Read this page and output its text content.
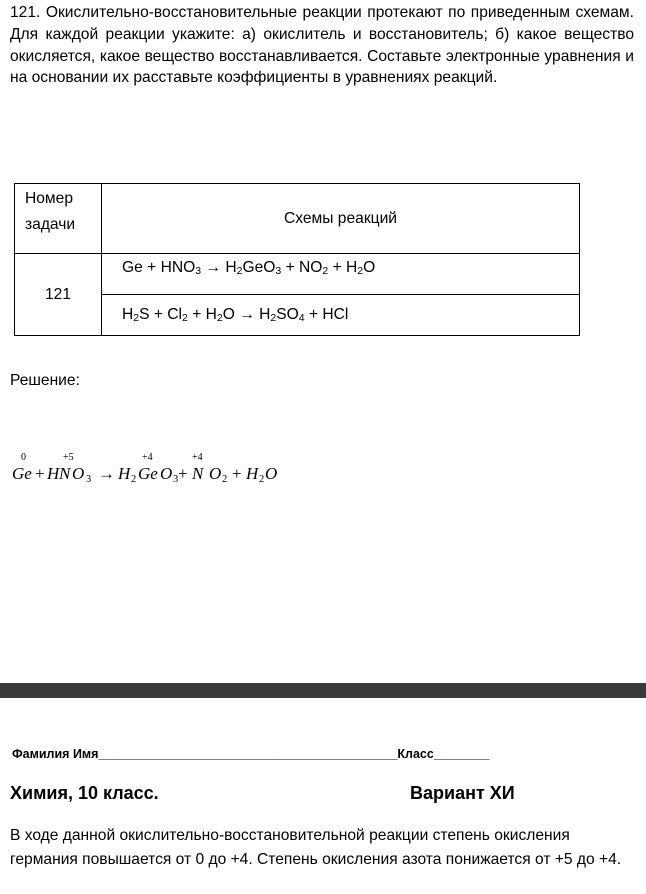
121. Окислительно-восстановительные реакции протекают по приведенным схемам. Для каждой реакции укажите: а) окислитель и восстановитель; б) какое вещество окисляется, какое вещество восстанавливается. Составьте электронные уравнения и на основании их расставьте коэффициенты в уравнениях реакций.

Номер
задачи	Схемы реакций
121	Ge + HNO3 → H2GeO3 + NO2 + H2O
	H2S + Cl2 + H2O → H2SO4 + HCl
Решение:
0
Ge + H
+5
N O 3 → H 2
+4
Ge O 3 +
+4
N O 2 + H 2 O
Фамилия Имя___________________________________________Класс________
Химия, 10 класс.	Вариант ХИ

В ходе данной окислительно-восстановительной реакции степень окисления германия повышается от 0 до +4. Степень окисления азота понижается от +5 до +4.
